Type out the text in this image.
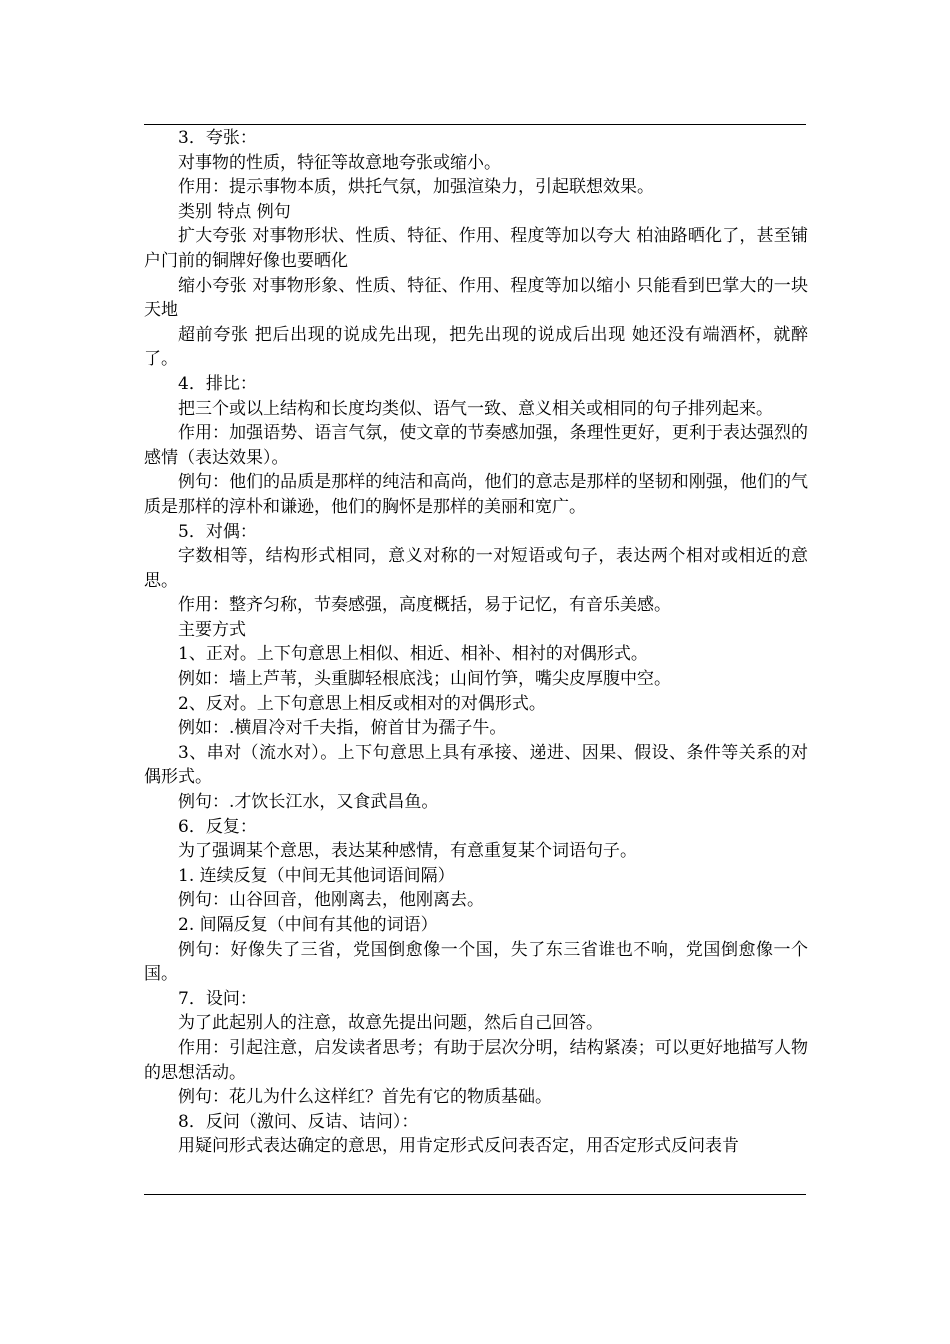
3．夸张：

对事物的性质，特征等故意地夸张或缩小。

作用：提示事物本质，烘托气氛，加强渲染力，引起联想效果。

类别 特点 例句

扩大夸张 对事物形状、性质、特征、作用、程度等加以夸大 柏油路晒化了，甚至铺户门前的铜牌好像也要晒化

缩小夸张 对事物形象、性质、特征、作用、程度等加以缩小 只能看到巴掌大的一块天地

超前夸张 把后出现的说成先出现，把先出现的说成后出现 她还没有端酒杯，就醉了。

4．排比：

把三个或以上结构和长度均类似、语气一致、意义相关或相同的句子排列起来。

作用：加强语势、语言气氛，使文章的节奏感加强，条理性更好，更利于表达强烈的感情（表达效果）。

例句：他们的品质是那样的纯洁和高尚，他们的意志是那样的坚韧和刚强，他们的气质是那样的淳朴和谦逊，他们的胸怀是那样的美丽和宽广。

5．对偶：

字数相等，结构形式相同，意义对称的一对短语或句子，表达两个相对或相近的意思。

作用：整齐匀称，节奏感强，高度概括，易于记忆，有音乐美感。

主要方式

1、正对。上下句意思上相似、相近、相补、相衬的对偶形式。

例如：墙上芦苇，头重脚轻根底浅；山间竹笋，嘴尖皮厚腹中空。

2、反对。上下句意思上相反或相对的对偶形式。

例如：.横眉冷对千夫指，俯首甘为孺子牛。

3、串对（流水对）。上下句意思上具有承接、递进、因果、假设、条件等关系的对偶形式。

例句：.才饮长江水，又食武昌鱼。

6．反复：

为了强调某个意思，表达某种感情，有意重复某个词语句子。

1. 连续反复（中间无其他词语间隔）

例句：山谷回音，他刚离去，他刚离去。

2. 间隔反复（中间有其他的词语）

例句：好像失了三省，党国倒愈像一个国，失了东三省谁也不响，党国倒愈像一个国。

7．设问：

为了此起别人的注意，故意先提出问题，然后自己回答。

作用：引起注意，启发读者思考；有助于层次分明，结构紧凑；可以更好地描写人物的思想活动。

例句：花儿为什么这样红？首先有它的物质基础。

8．反问（激问、反诘、诘问）：

用疑问形式表达确定的意思，用肯定形式反问表否定，用否定形式反问表肯
